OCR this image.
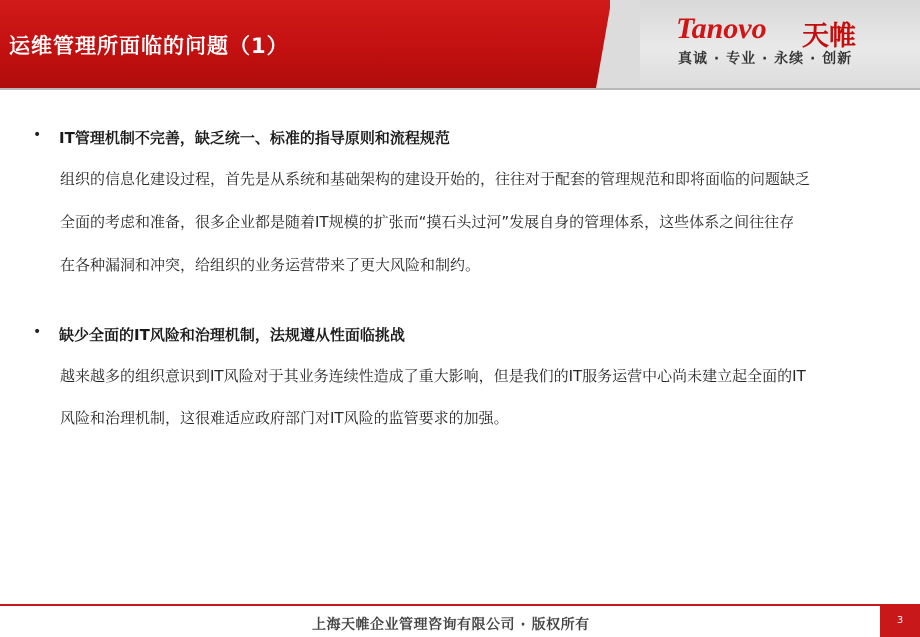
运维管理所面临的问题（1）
Tanovo 天帷
真诚 · 专业 · 永续 · 创新
• IT管理机制不完善，缺乏统一、标准的指导原则和流程规范
组织的信息化建设过程，首先是从系统和基础架构的建设开始的，往往对于配套的管理规范和即将面临的问题缺乏
全面的考虑和准备，很多企业都是随着IT规模的扩张而“摸石头过河”发展自身的管理体系，这些体系之间往往存
在各种漏洞和冲突，给组织的业务运营带来了更大风险和制约。
• 缺少全面的IT风险和治理机制，法规遵从性面临挑战
越来越多的组织意识到IT风险对于其业务连续性造成了重大影响，但是我们的IT服务运营中心尚未建立起全面的IT
风险和治理机制，这很难适应政府部门对IT风险的监管要求的加强。
上海天帷企业管理咨询有限公司 · 版权所有	3
